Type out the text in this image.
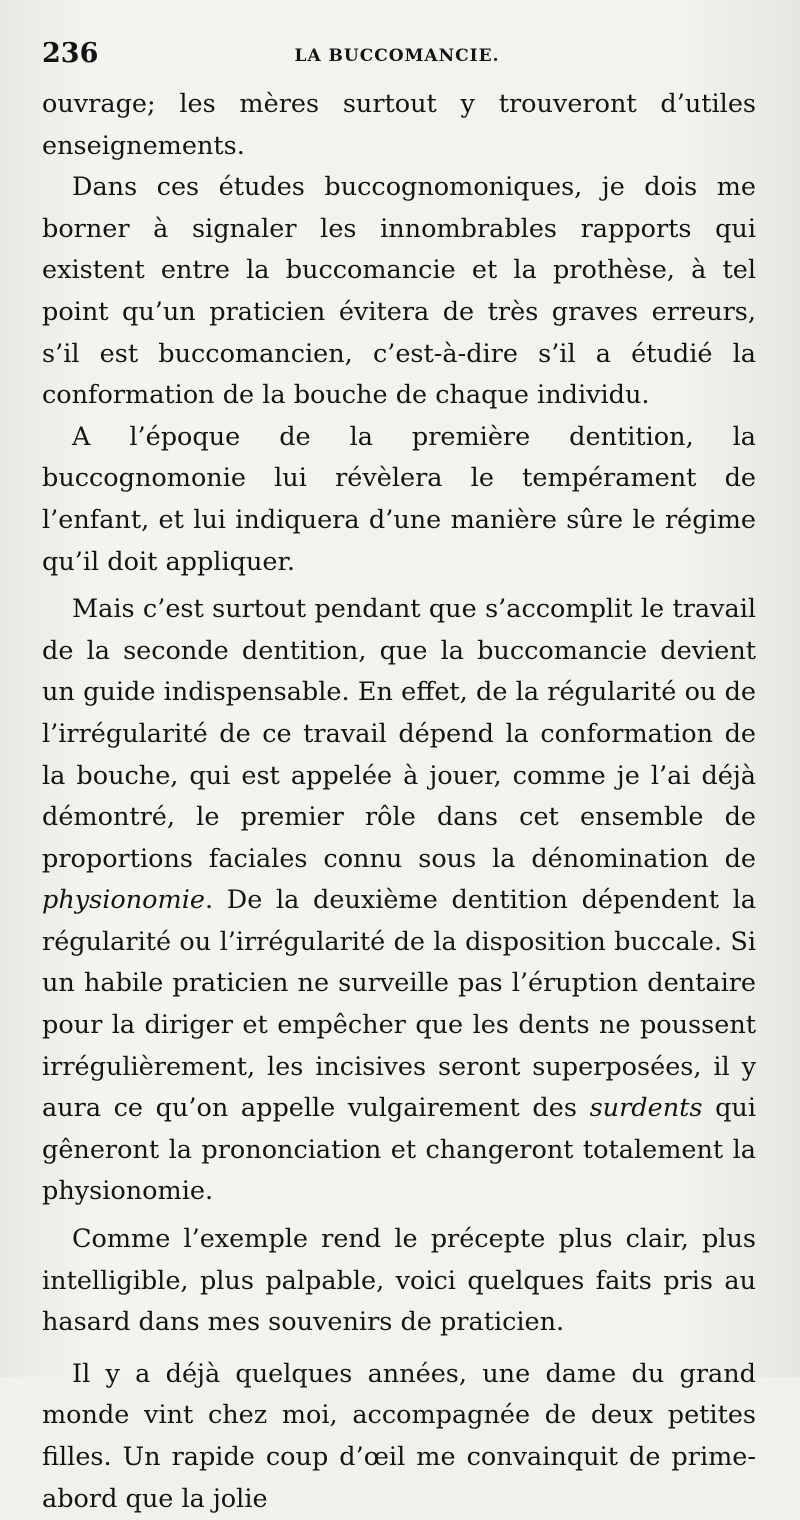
236	LA BUCCOMANCIE.

ouvrage; les mères surtout y trouveront d’utiles enseignements.

Dans ces études buccognomoniques, je dois me borner à signaler les innombrables rapports qui existent entre la buccomancie et la prothèse, à tel point qu’un praticien évitera de très graves erreurs, s’il est buccomancien, c’est-à-dire s’il a étudié la conformation de la bouche de chaque individu.

A l’époque de la première dentition, la buccognomonie lui révèlera le tempérament de l’enfant, et lui indiquera d’une manière sûre le régime qu’il doit appliquer.

Mais c’est surtout pendant que s’accomplit le travail de la seconde dentition, que la buccomancie devient un guide indispensable. En effet, de la régularité ou de l’irrégularité de ce travail dépend la conformation de la bouche, qui est appelée à jouer, comme je l’ai déjà démontré, le premier rôle dans cet ensemble de proportions faciales connu sous la dénomination de physionomie. De la deuxième dentition dépendent la régularité ou l’irrégularité de la disposition buccale. Si un habile praticien ne surveille pas l’éruption dentaire pour la diriger et empêcher que les dents ne poussent irrégulièrement, les incisives seront superposées, il y aura ce qu’on appelle vulgairement des surdents qui gêneront la prononciation et changeront totalement la physionomie.

Comme l’exemple rend le précepte plus clair, plus intelligible, plus palpable, voici quelques faits pris au hasard dans mes souvenirs de praticien.

Il y a déjà quelques années, une dame du grand monde vint chez moi, accompagnée de deux petites filles. Un rapide coup d’œil me convainquit de prime-abord que la jolie
